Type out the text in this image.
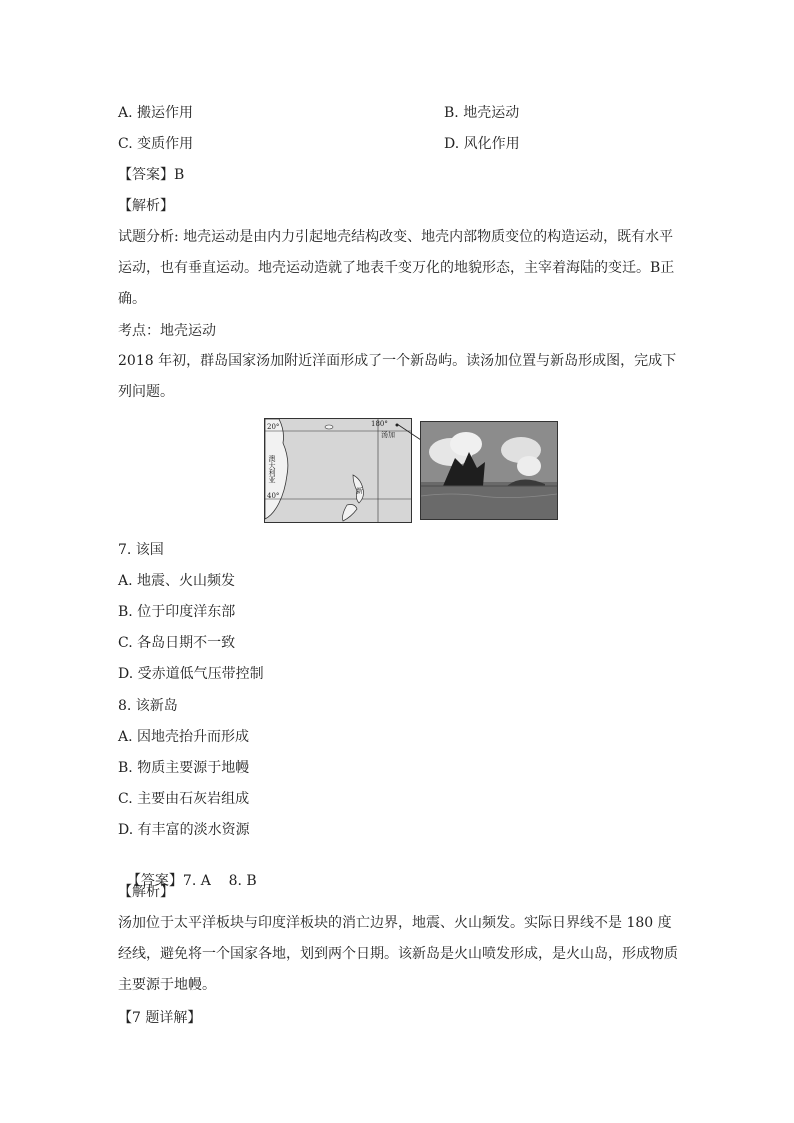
A. 搬运作用	B. 地壳运动
C. 变质作用	D. 风化作用
【答案】B
【解析】
试题分析: 地壳运动是由内力引起地壳结构改变、地壳内部物质变位的构造运动，既有水平运动，也有垂直运动。地壳运动造就了地表千变万化的地貌形态，主宰着海陆的变迁。B正确。
考点：地壳运动
2018 年初，群岛国家汤加附近洋面形成了一个新岛屿。读汤加位置与新岛形成图，完成下列问题。
20°
40°
180°
汤加
新
澳大利亚
7. 该国
A. 地震、火山频发
B. 位于印度洋东部
C. 各岛日期不一致
D. 受赤道低气压带控制
8. 该新岛
A. 因地壳抬升而形成
B. 物质主要源于地幔
C. 主要由石灰岩组成
D. 有丰富的淡水资源

【答案】7. A    8. B

【解析】
汤加位于太平洋板块与印度洋板块的消亡边界，地震、火山频发。实际日界线不是 180 度经线，避免将一个国家各地，划到两个日期。该新岛是火山喷发形成，是火山岛，形成物质主要源于地幔。
【7 题详解】
